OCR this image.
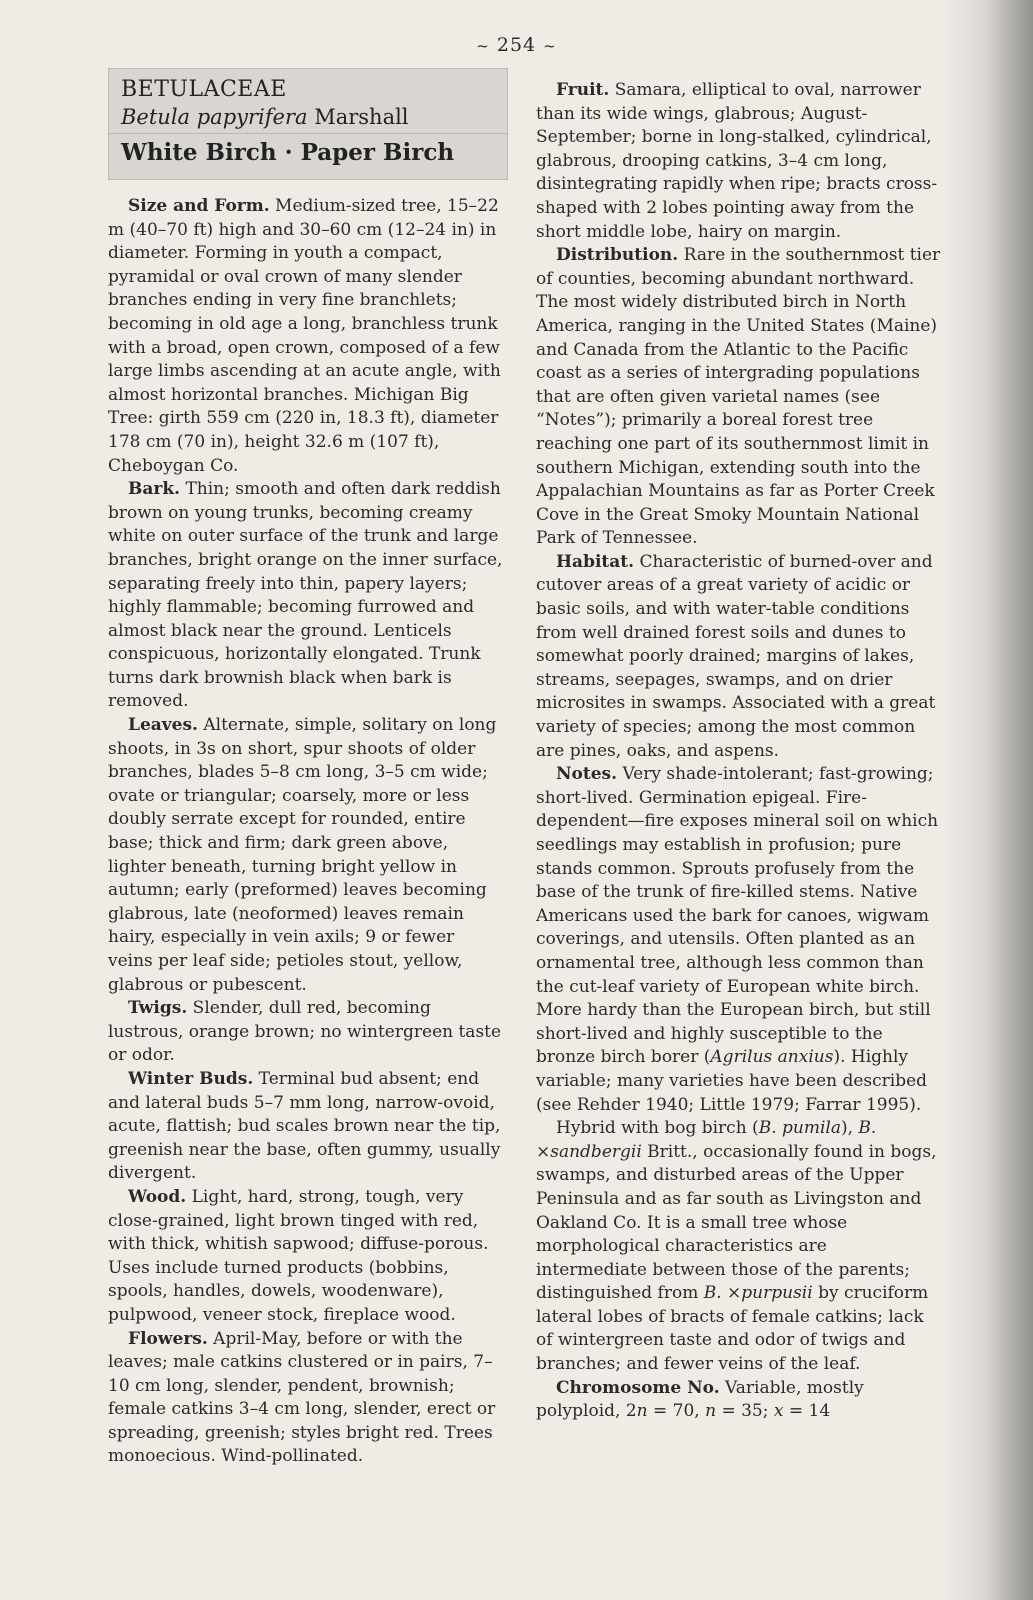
~ 254 ~
BETULACEAE
Betula papyrifera Marshall
White Birch · Paper Birch

Size and Form. Medium-sized tree, 15–22 m (40–70 ft) high and 30–60 cm (12–24 in) in diameter. Forming in youth a compact, pyramidal or oval crown of many slender branches ending in very fine branchlets; becoming in old age a long, branchless trunk with a broad, open crown, composed of a few large limbs ascending at an acute angle, with almost horizontal branches. Michigan Big Tree: girth 559 cm (220 in, 18.3 ft), diameter 178 cm (70 in), height 32.6 m (107 ft), Cheboygan Co.

Bark. Thin; smooth and often dark reddish brown on young trunks, becoming creamy white on outer surface of the trunk and large branches, bright orange on the inner surface, separating freely into thin, papery layers; highly flammable; becoming furrowed and almost black near the ground. Lenticels conspicuous, horizontally elongated. Trunk turns dark brownish black when bark is removed.

Leaves. Alternate, simple, solitary on long shoots, in 3s on short, spur shoots of older branches, blades 5–8 cm long, 3–5 cm wide; ovate or triangular; coarsely, more or less doubly serrate except for rounded, entire base; thick and firm; dark green above, lighter beneath, turning bright yellow in autumn; early (preformed) leaves becoming glabrous, late (neoformed) leaves remain hairy, especially in vein axils; 9 or fewer veins per leaf side; petioles stout, yellow, glabrous or pubescent.

Twigs. Slender, dull red, becoming lustrous, orange brown; no wintergreen taste or odor.

Winter Buds. Terminal bud absent; end and lateral buds 5–7 mm long, narrow-ovoid, acute, flattish; bud scales brown near the tip, greenish near the base, often gummy, usually divergent.

Wood. Light, hard, strong, tough, very close-grained, light brown tinged with red, with thick, whitish sapwood; diffuse-porous. Uses include turned products (bobbins, spools, handles, dowels, woodenware), pulpwood, veneer stock, fireplace wood.

Flowers. April-May, before or with the leaves; male catkins clustered or in pairs, 7–10 cm long, slender, pendent, brownish; female catkins 3–4 cm long, slender, erect or spreading, greenish; styles bright red. Trees monoecious. Wind-pollinated.

Fruit. Samara, elliptical to oval, narrower than its wide wings, glabrous; August-September; borne in long-stalked, cylindrical, glabrous, drooping catkins, 3–4 cm long, disintegrating rapidly when ripe; bracts cross-shaped with 2 lobes pointing away from the short middle lobe, hairy on margin.

Distribution. Rare in the southernmost tier of counties, becoming abundant northward. The most widely distributed birch in North America, ranging in the United States (Maine) and Canada from the Atlantic to the Pacific coast as a series of intergrading populations that are often given varietal names (see “Notes”); primarily a boreal forest tree reaching one part of its southernmost limit in southern Michigan, extending south into the Appalachian Mountains as far as Porter Creek Cove in the Great Smoky Mountain National Park of Tennessee.

Habitat. Characteristic of burned-over and cutover areas of a great variety of acidic or basic soils, and with water-table conditions from well drained forest soils and dunes to somewhat poorly drained; margins of lakes, streams, seepages, swamps, and on drier microsites in swamps. Associated with a great variety of species; among the most common are pines, oaks, and aspens.

Notes. Very shade-intolerant; fast-growing; short-lived. Germination epigeal. Fire-dependent—fire exposes mineral soil on which seedlings may establish in profusion; pure stands common. Sprouts profusely from the base of the trunk of fire-killed stems. Native Americans used the bark for canoes, wigwam coverings, and utensils. Often planted as an ornamental tree, although less common than the cut-leaf variety of European white birch. More hardy than the European birch, but still short-lived and highly susceptible to the bronze birch borer (Agrilus anxius). Highly variable; many varieties have been described (see Rehder 1940; Little 1979; Farrar 1995).

Hybrid with bog birch (B. pumila), B. ×sandbergii Britt., occasionally found in bogs, swamps, and disturbed areas of the Upper Peninsula and as far south as Livingston and Oakland Co. It is a small tree whose morphological characteristics are intermediate between those of the parents; distinguished from B. ×purpusii by cruciform lateral lobes of bracts of female catkins; lack of wintergreen taste and odor of twigs and branches; and fewer veins of the leaf.

Chromosome No. Variable, mostly polyploid, 2n = 70, n = 35; x = 14
